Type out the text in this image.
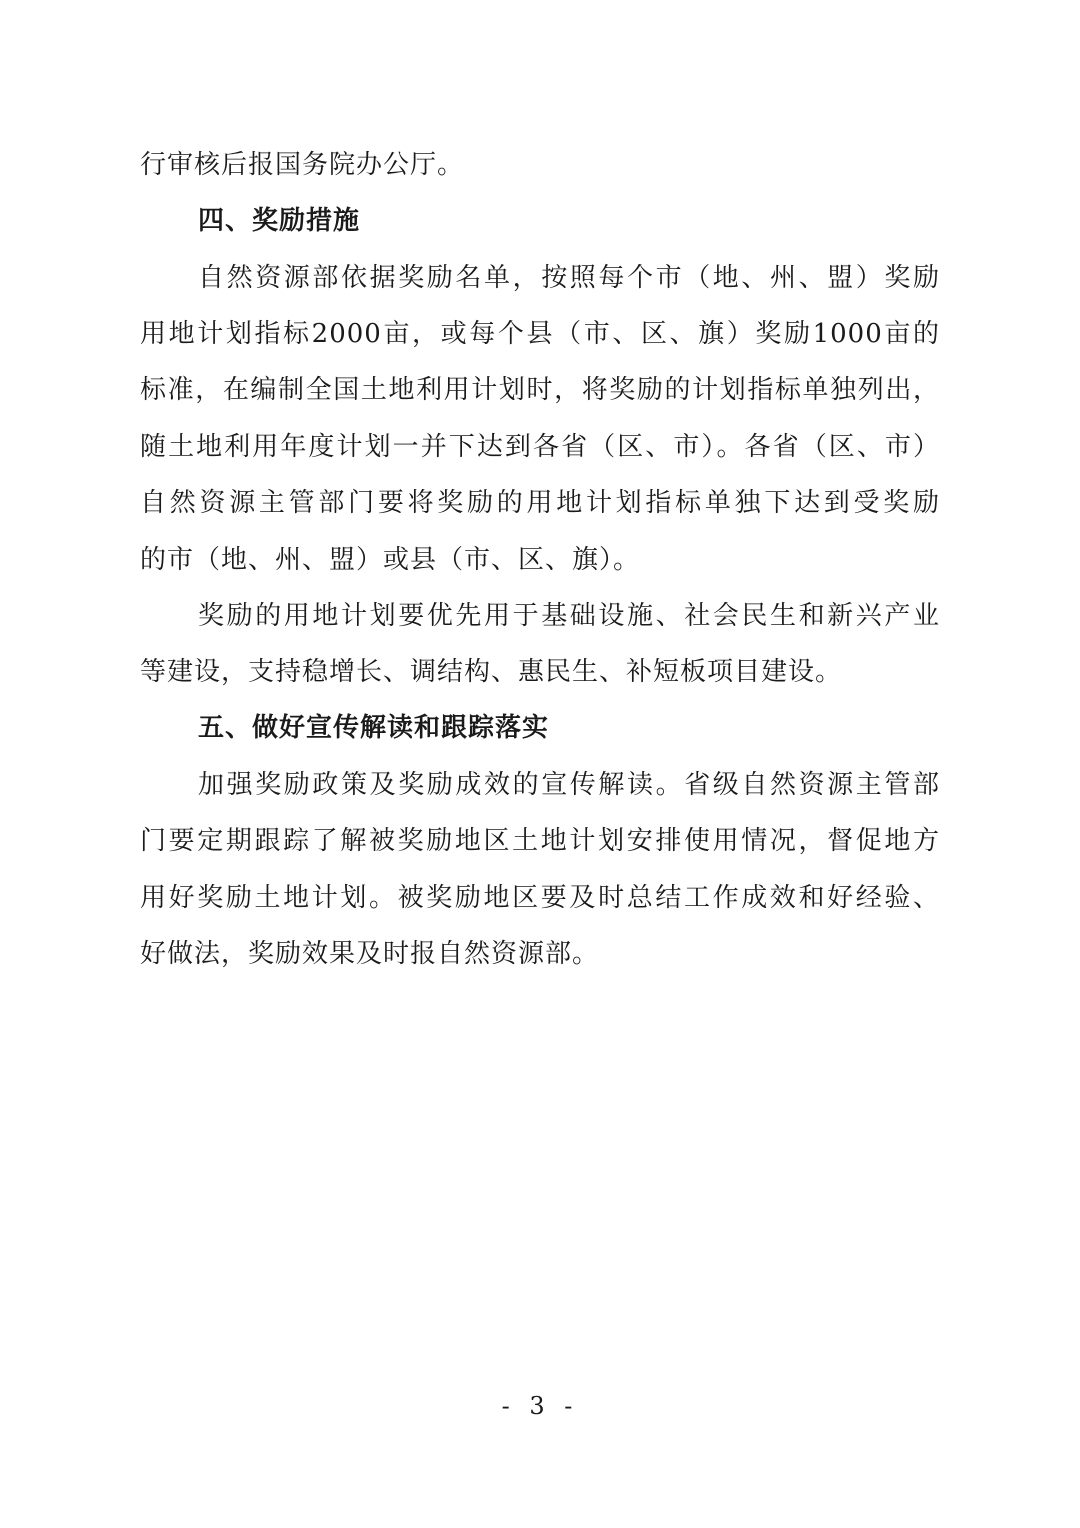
行审核后报国务院办公厅。
四、奖励措施
自然资源部依据奖励名单，按照每个市（地、州、盟）奖励
用地计划指标2000亩，或每个县（市、区、旗）奖励1000亩的
标准，在编制全国土地利用计划时，将奖励的计划指标单独列出，
随土地利用年度计划一并下达到各省（区、市）。各省（区、市）
自然资源主管部门要将奖励的用地计划指标单独下达到受奖励
的市（地、州、盟）或县（市、区、旗）。
奖励的用地计划要优先用于基础设施、社会民生和新兴产业
等建设，支持稳增长、调结构、惠民生、补短板项目建设。
五、做好宣传解读和跟踪落实
加强奖励政策及奖励成效的宣传解读。省级自然资源主管部
门要定期跟踪了解被奖励地区土地计划安排使用情况，督促地方
用好奖励土地计划。被奖励地区要及时总结工作成效和好经验、
好做法，奖励效果及时报自然资源部。
- 3 -
